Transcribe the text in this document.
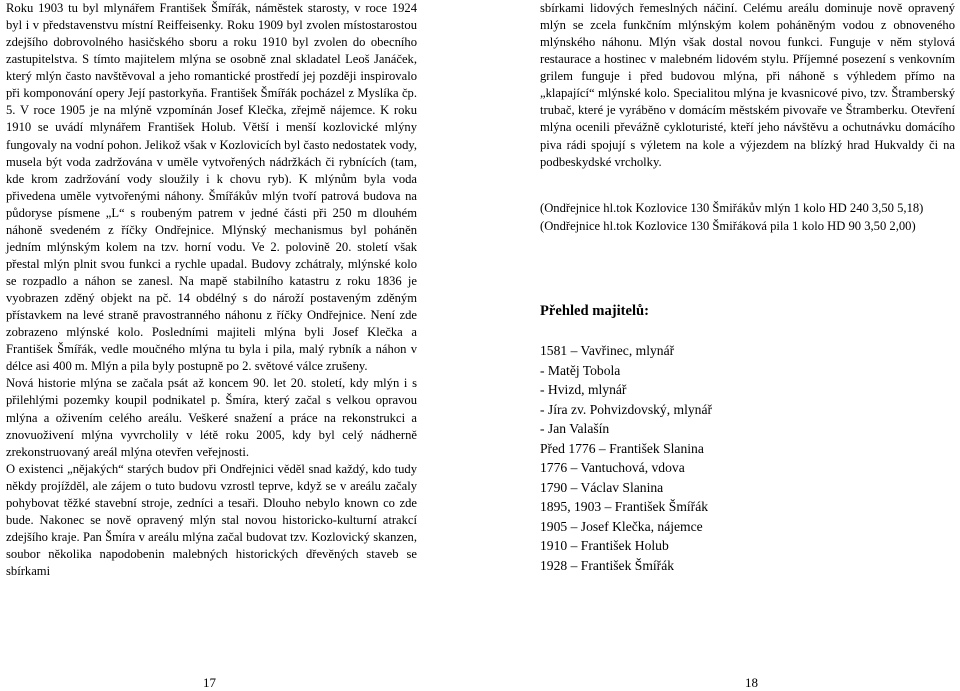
Roku 1903 tu byl mlynářem František Šmířák, náměstek starosty, v roce 1924 byl i v představenstvu místní Reiffeisenky. Roku 1909 byl zvolen místostarostou zdejšího dobrovolného hasičského sboru a roku 1910 byl zvolen do obecního zastupitelstva. S tímto majitelem mlýna se osobně znal skladatel Leoš Janáček, který mlýn často navštěvoval a jeho romantické prostředí jej později inspirovalo při komponování opery Její pastorkyňa. František Šmířák pocházel z Myslíka čp. 5. V roce 1905 je na mlýně vzpomínán Josef Klečka, zřejmě nájemce. K roku 1910 se uvádí mlynářem František Holub. Větší i menší kozlovické mlýny fungovaly na vodní pohon. Jelikož však v Kozlovicích byl často nedostatek vody, musela být voda zadržována v uměle vytvořených nádržkách či rybnících (tam, kde krom zadržování vody sloužily i k chovu ryb). K mlýnům byla voda přivedena uměle vytvořenými náhony. Šmířákův mlýn tvoří patrová budova na půdoryse písmene „L“ s roubeným patrem v jedné části při 250 m dlouhém náhoně svedeném z říčky Ondřejnice. Mlýnský mechanismus byl poháněn jedním mlýnským kolem na tzv. horní vodu. Ve 2. polovině 20. století však přestal mlýn plnit svou funkci a rychle upadal. Budovy zchátraly, mlýnské kolo se rozpadlo a náhon se zanesl. Na mapě stabilního katastru z roku 1836 je vyobrazen zděný objekt na pč. 14 obdélný s do nároží postaveným zděným přístavkem na levé straně pravostranného náhonu z říčky Ondřejnice. Není zde zobrazeno mlýnské kolo. Posledními majiteli mlýna byli Josef Klečka a František Šmířák, vedle moučného mlýna tu byla i pila, malý rybník a náhon v délce asi 400 m. Mlýn a pila byly postupně po 2. světové válce zrušeny.

Nová historie mlýna se začala psát až koncem 90. let 20. století, kdy mlýn i s přilehlými pozemky koupil podnikatel p. Šmíra, který začal s velkou opravou mlýna a oživením celého areálu. Veškeré snažení a práce na rekonstrukci a znovuoživení mlýna vyvrcholily v létě roku 2005, kdy byl celý nádherně zrekonstruovaný areál mlýna otevřen veřejnosti.

O existenci „nějakých“ starých budov při Ondřejnici věděl snad každý, kdo tudy někdy projížděl, ale zájem o tuto budovu vzrostl teprve, když se v areálu začaly pohybovat těžké stavební stroje, zedníci a tesaři. Dlouho nebylo known co zde bude. Nakonec se nově opravený mlýn stal novou historicko-kulturní atrakcí zdejšího kraje. Pan Šmíra v areálu mlýna začal budovat tzv. Kozlovický skanzen, soubor několika napodobenin malebných historických dřevěných staveb se sbírkami

17

sbírkami lidových řemeslných náčiní. Celému areálu dominuje nově opravený mlýn se zcela funkčním mlýnským kolem poháněným vodou z obnoveného mlýnského náhonu. Mlýn však dostal novou funkci. Funguje v něm stylová restaurace a hostinec v malebném lidovém stylu. Příjemné posezení s venkovním grilem funguje i před budovou mlýna, při náhoně s výhledem přímo na „klapající“ mlýnské kolo. Specialitou mlýna je kvasnicové pivo, tzv. Štramberský trubač, které je vyráběno v domácím městském pivovaře ve Štramberku. Otevření mlýna ocenili převážně cykloturisté, kteří jeho návštěvu a ochutnávku domácího piva rádi spojují s výletem na kole a výjezdem na blízký hrad Hukvaldy či na podbeskydské vrcholky.

(Ondřejnice hl.tok Kozlovice 130 Šmiřákův mlýn 1 kolo HD 240 3,50 5,18)

(Ondřejnice hl.tok Kozlovice 130 Šmiřáková pila 1 kolo HD 90 3,50 2,00)

Přehled majitelů:

1581 – Vavřinec, mlynář
- Matěj Tobola
- Hvizd, mlynář
- Jíra zv. Pohvizdovský, mlynář
- Jan Valašín
Před 1776 – František Slanina
1776 – Vantuchová, vdova
1790 – Václav Slanina
1895, 1903 – František Šmířák
1905 – Josef Klečka, nájemce
1910 – František Holub
1928 – František Šmířák
18
